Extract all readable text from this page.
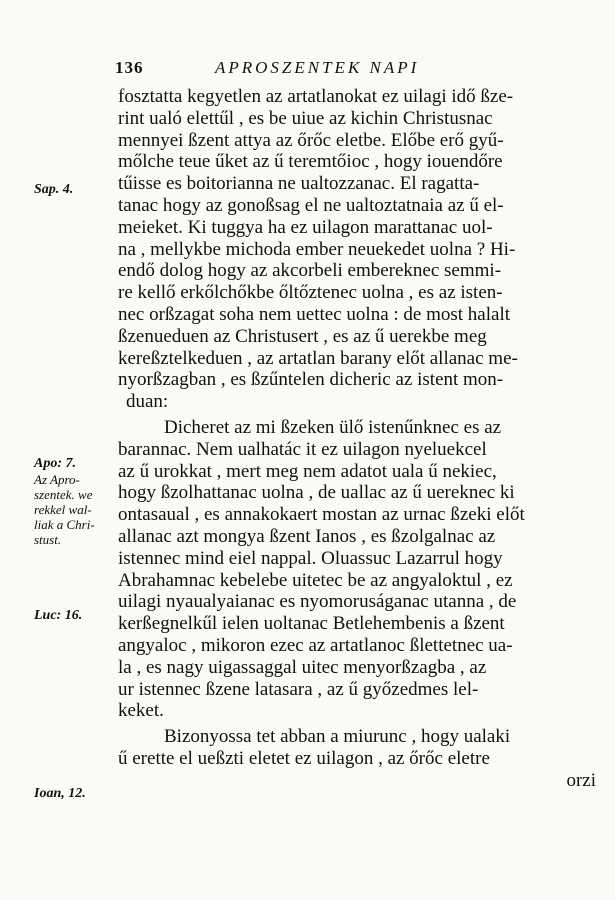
136	APROSZENTEK NAPI
Sap. 4.
Apo: 7.
Az Apro-
szentek. we
rekkel wal-
liak a Chri-
stust.
Luc: 16.
Ioan, 12.
fosztatta kegyetlen az artatlanokat ez uilagi idő ßze-
rint ualó elettűl , es be uiue az kichin Christusnac
mennyei ßzent attya az őrőc eletbe. Előbe erő gyű-
mőlche teue űket az ű teremtőioc , hogy iouendőre
tűisse es boitorianna ne ualtozzanac. El ragatta-
tanac hogy az gonoßsag el ne ualtoztatnaia az ű el-
meieket. Ki tuggya ha ez uilagon marattanac uol-
na , mellykbe michoda ember neuekedet uolna ? Hi-
endő dolog hogy az akcorbeli embereknec semmi-
re kellő erkőlchőkbe őltőztenec uolna , es az isten-
nec orßzagat soha nem uettec uolna : de most halalt
ßzenueduen az Christusert , es az ű uerekbe meg
kereßztelkeduen , az artatlan barany előt allanac me-
nyorßzagban , es ßzűntelen dicheric az istent mon-
duan:
Dicheret az mi ßzeken ülő istenűnknec es az
barannac. Nem ualhatác it ez uilagon nyeluekcel
az ű urokkat , mert meg nem adatot uala ű nekiec,
hogy ßzolhattanac uolna , de uallac az ű uereknec ki
ontasaual , es annakokaert mostan az urnac ßzeki előt
allanac azt mongya ßzent Ianos , es ßzolgalnac az
istennec mind eiel nappal. Oluassuc Lazarrul hogy
Abrahamnac kebelebe uitetec be az angyaloktul , ez
uilagi nyaualyaianac es nyomoruságanac utanna , de
kerßegnelkűl ielen uoltanac Betlehembenis a ßzent
angyaloc , mikoron ezec az artatlanoc ßlettetnec ua-
la , es nagy uigassaggal uitec menyorßzagba , az
ur istennec ßzene latasara , az ű győzedmes lel-
keket.
Bizonyossa tet abban a miurunc , hogy ualaki
ű erette el ueßzti eletet ez uilagon , az őrőc eletre
orzi
